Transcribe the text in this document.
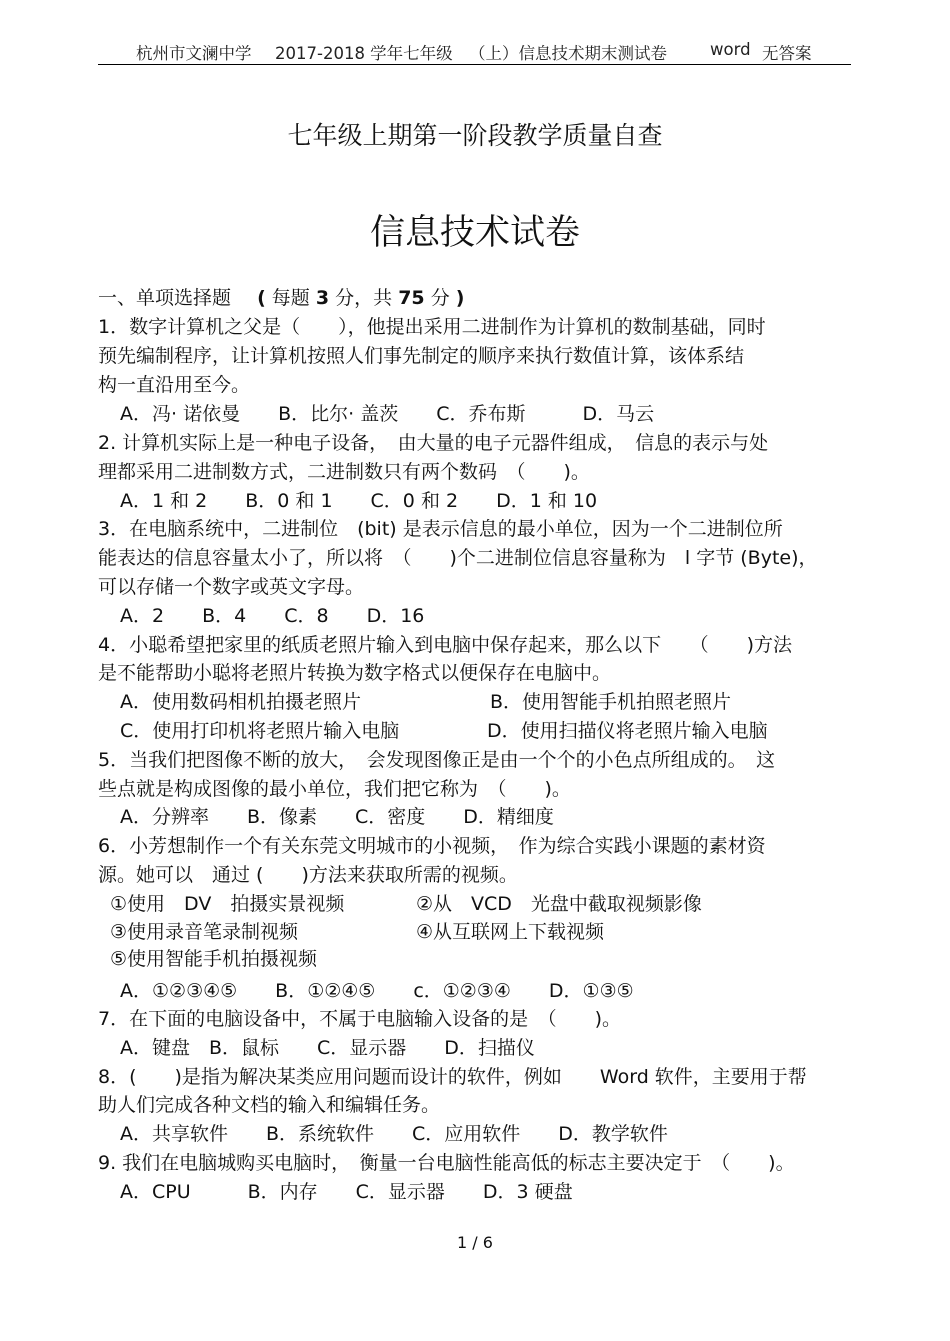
杭州市文澜中学 2017-2018 学年七年级 （上）信息技术期末测试卷	word 无答案
七年级上期第一阶段教学质量自查
信息技术试卷
一、单项选择题 ( 每题 3 分，共 75 分 )
1．数字计算机之父是（　　），他提出采用二进制作为计算机的数制基础，同时
预先编制程序，让计算机按照人们事先制定的顺序来执行数值计算，该体系结
构一直沿用至今。
A．冯· 诺依曼　　B．比尔· 盖茨　　C．乔布斯　　　D．马云
2. 计算机实际上是一种电子设备，　由大量的电子元器件组成，　信息的表示与处
理都采用二进制数方式，二进制数只有两个数码　（　　)。
A．1 和 2　　B．0 和 1　　C．0 和 2　　D．1 和 10
3．在电脑系统中，二进制位　(bit) 是表示信息的最小单位，因为一个二进制位所
能表达的信息容量太小了，所以将　（　　)个二进制位信息容量称为　l 字节 (Byte)，
可以存储一个数字或英文字母。
A．2　　B．4　　C．8　　D．16
4．小聪希望把家里的纸质老照片输入到电脑中保存起来，那么以下　　（　　)方法
是不能帮助小聪将老照片转换为数字格式以便保存在电脑中。
A．使用数码相机拍摄老照片	B．使用智能手机拍照老照片
C．使用打印机将老照片输入电脑	D．使用扫描仪将老照片输入电脑
5．当我们把图像不断的放大，　会发现图像正是由一个个的小色点所组成的。　这
些点就是构成图像的最小单位，我们把它称为　（　　)。
A．分辨率　　B．像素　　C．密度　　D．精细度
6．小芳想制作一个有关东莞文明城市的小视频，　作为综合实践小课题的素材资
源。她可以　通过 (　　)方法来获取所需的视频。
①使用　DV　拍摄实景视频	②从　VCD　光盘中截取视频影像
③使用录音笔录制视频	④从互联网上下载视频
⑤使用智能手机拍摄视频
A．①②③④⑤　　B．①②④⑤　　c．①②③④　　D．①③⑤
7．在下面的电脑设备中，不属于电脑输入设备的是　（　　)。
A．键盘　B．鼠标　　C．显示器　　D．扫描仪
8．(　　)是指为解决某类应用问题而设计的软件，例如　　Word 软件，主要用于帮
助人们完成各种文档的输入和编辑任务。
A．共享软件　　B．系统软件　　C．应用软件　　D．教学软件
9. 我们在电脑城购买电脑时，　衡量一台电脑性能高低的标志主要决定于　（　　)。
A．CPU　　　B．内存　　C．显示器　　D．3 硬盘
1 / 6
